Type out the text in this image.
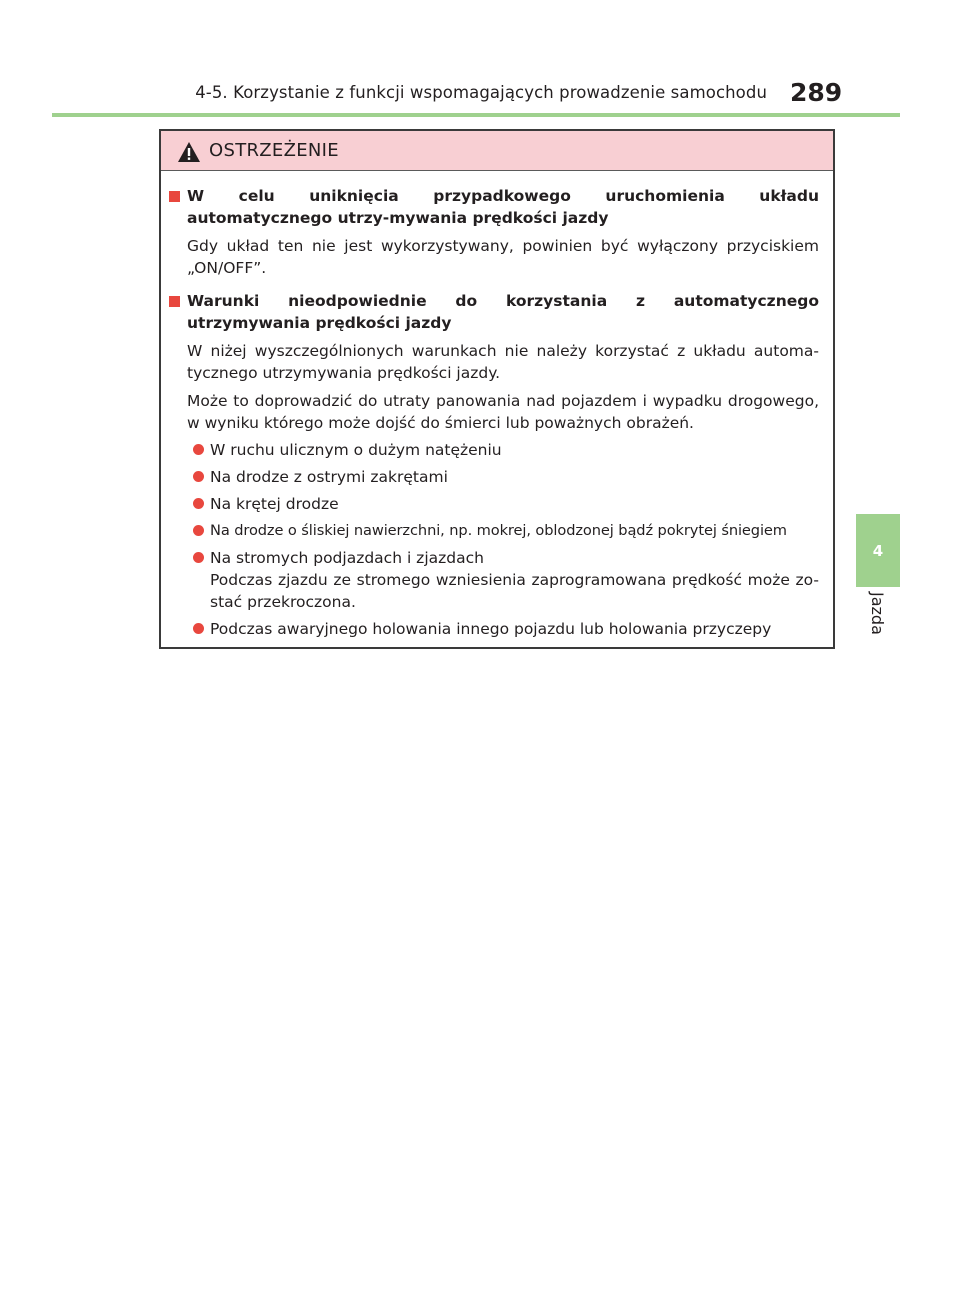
4-5. Korzystanie z funkcji wspomagających prowadzenie samochodu 289
4
Jazda
OSTRZEŻENIE
W celu uniknięcia przypadkowego uruchomienia układu automatycznego utrzy-mywania prędkości jazdy
Gdy układ ten nie jest wykorzystywany, powinien być wyłączony przyciskiem „ON/OFF”.
Warunki nieodpowiednie do korzystania z automatycznego utrzymywania prędkości jazdy
W niżej wyszczególnionych warunkach nie należy korzystać z układu automa-tycznego utrzymywania prędkości jazdy.
Może to doprowadzić do utraty panowania nad pojazdem i wypadku drogowego, w wyniku którego może dojść do śmierci lub poważnych obrażeń.
W ruchu ulicznym o dużym natężeniu
Na drodze z ostrymi zakrętami
Na krętej drodze
Na drodze o śliskiej nawierzchni, np. mokrej, oblodzonej bądź pokrytej śniegiem
Na stromych podjazdach i zjazdach
Podczas zjazdu ze stromego wzniesienia zaprogramowana prędkość może zo-stać przekroczona.
Podczas awaryjnego holowania innego pojazdu lub holowania przyczepy
